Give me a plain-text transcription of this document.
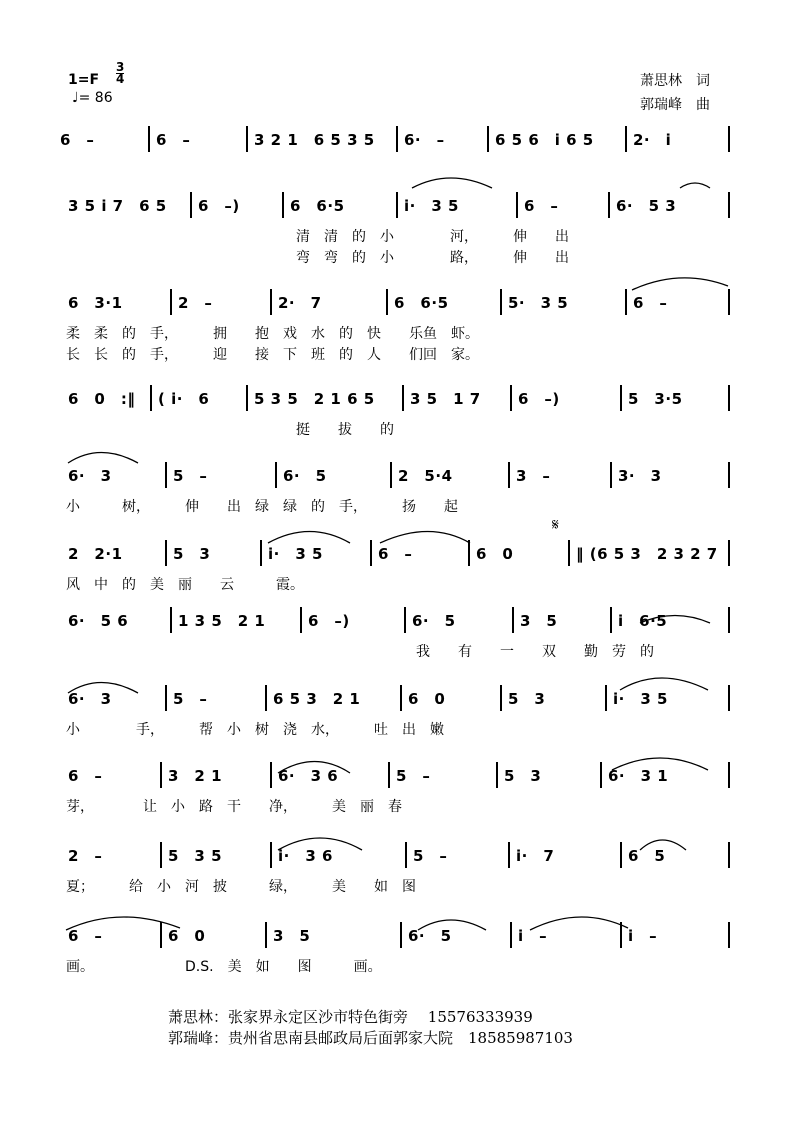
1=F
3
4
♩= 86
萧思林　词
郭瑞峰　曲
6　–	6　–	3 2 1　6 5 3 5 6·　–	6 5 6　i 6 5	2·　i
3 5 i 7　6 5 6　–)	6　6·5	i·　3 5	6　–	6·　5 3
清　清　的　小　　　　河，　　　伸　　出
弯　弯　的　小　　　　路，　　　伸　　出
6　3·1	2　–	2·　7	6　6·5	5·　3 5	6　–
柔　柔　的　手，　　　拥　　抱　戏　水　的　快　　乐鱼　虾。
长　长　的　手，　　　迎　　接　下　班　的　人　　们回　家。
6　0　:‖ ( i·　6	5 3 5　2 1 6 5 3 5　1 7 6　–)	5　3·5
挺　　拔　　的
6·　3	5　–	6·　5	2　5·4	3　–	3·　3
小　　　树，　　　伸　　出　绿　绿　的　手，　　　扬　　起
2　2·1	5　3	i·　3 5	6　–	6　0	‖ (6 5 3　2 3 2 7
风　中　的　美　丽　　云　　　霞。
6·　5 6	1 3 5　2 1	6　–)	6·　5	3　5	i　6·5
我　　有　　一　　双　　勤　劳　的
6·　3	5　–	6 5 3　2 1	6　0	5　3	i·　3 5
小　　　　手，　　　帮　小　树　浇　水，　　　吐　出　嫩
6　–	3　2 1	6·　3 6	5　–	5　3	6·　3 1
芽，　　　　让　小　路　干　　净，　　　美　丽　春
2　–	5　3 5	i·　3 6	5　–	i·　7	6　5
夏；　　　给　小　河　披　　　绿，　　　美　　如　图
6　–	6　0	3　5	6·　5	i　–	i　–
画。　　　　　　　D.S.　美　如　　图　　　画。
𝄋
萧思林：张家界永定区沙市特色街旁　 15576333939
郭瑞峰：贵州省思南县邮政局后面郭家大院　18585987103
